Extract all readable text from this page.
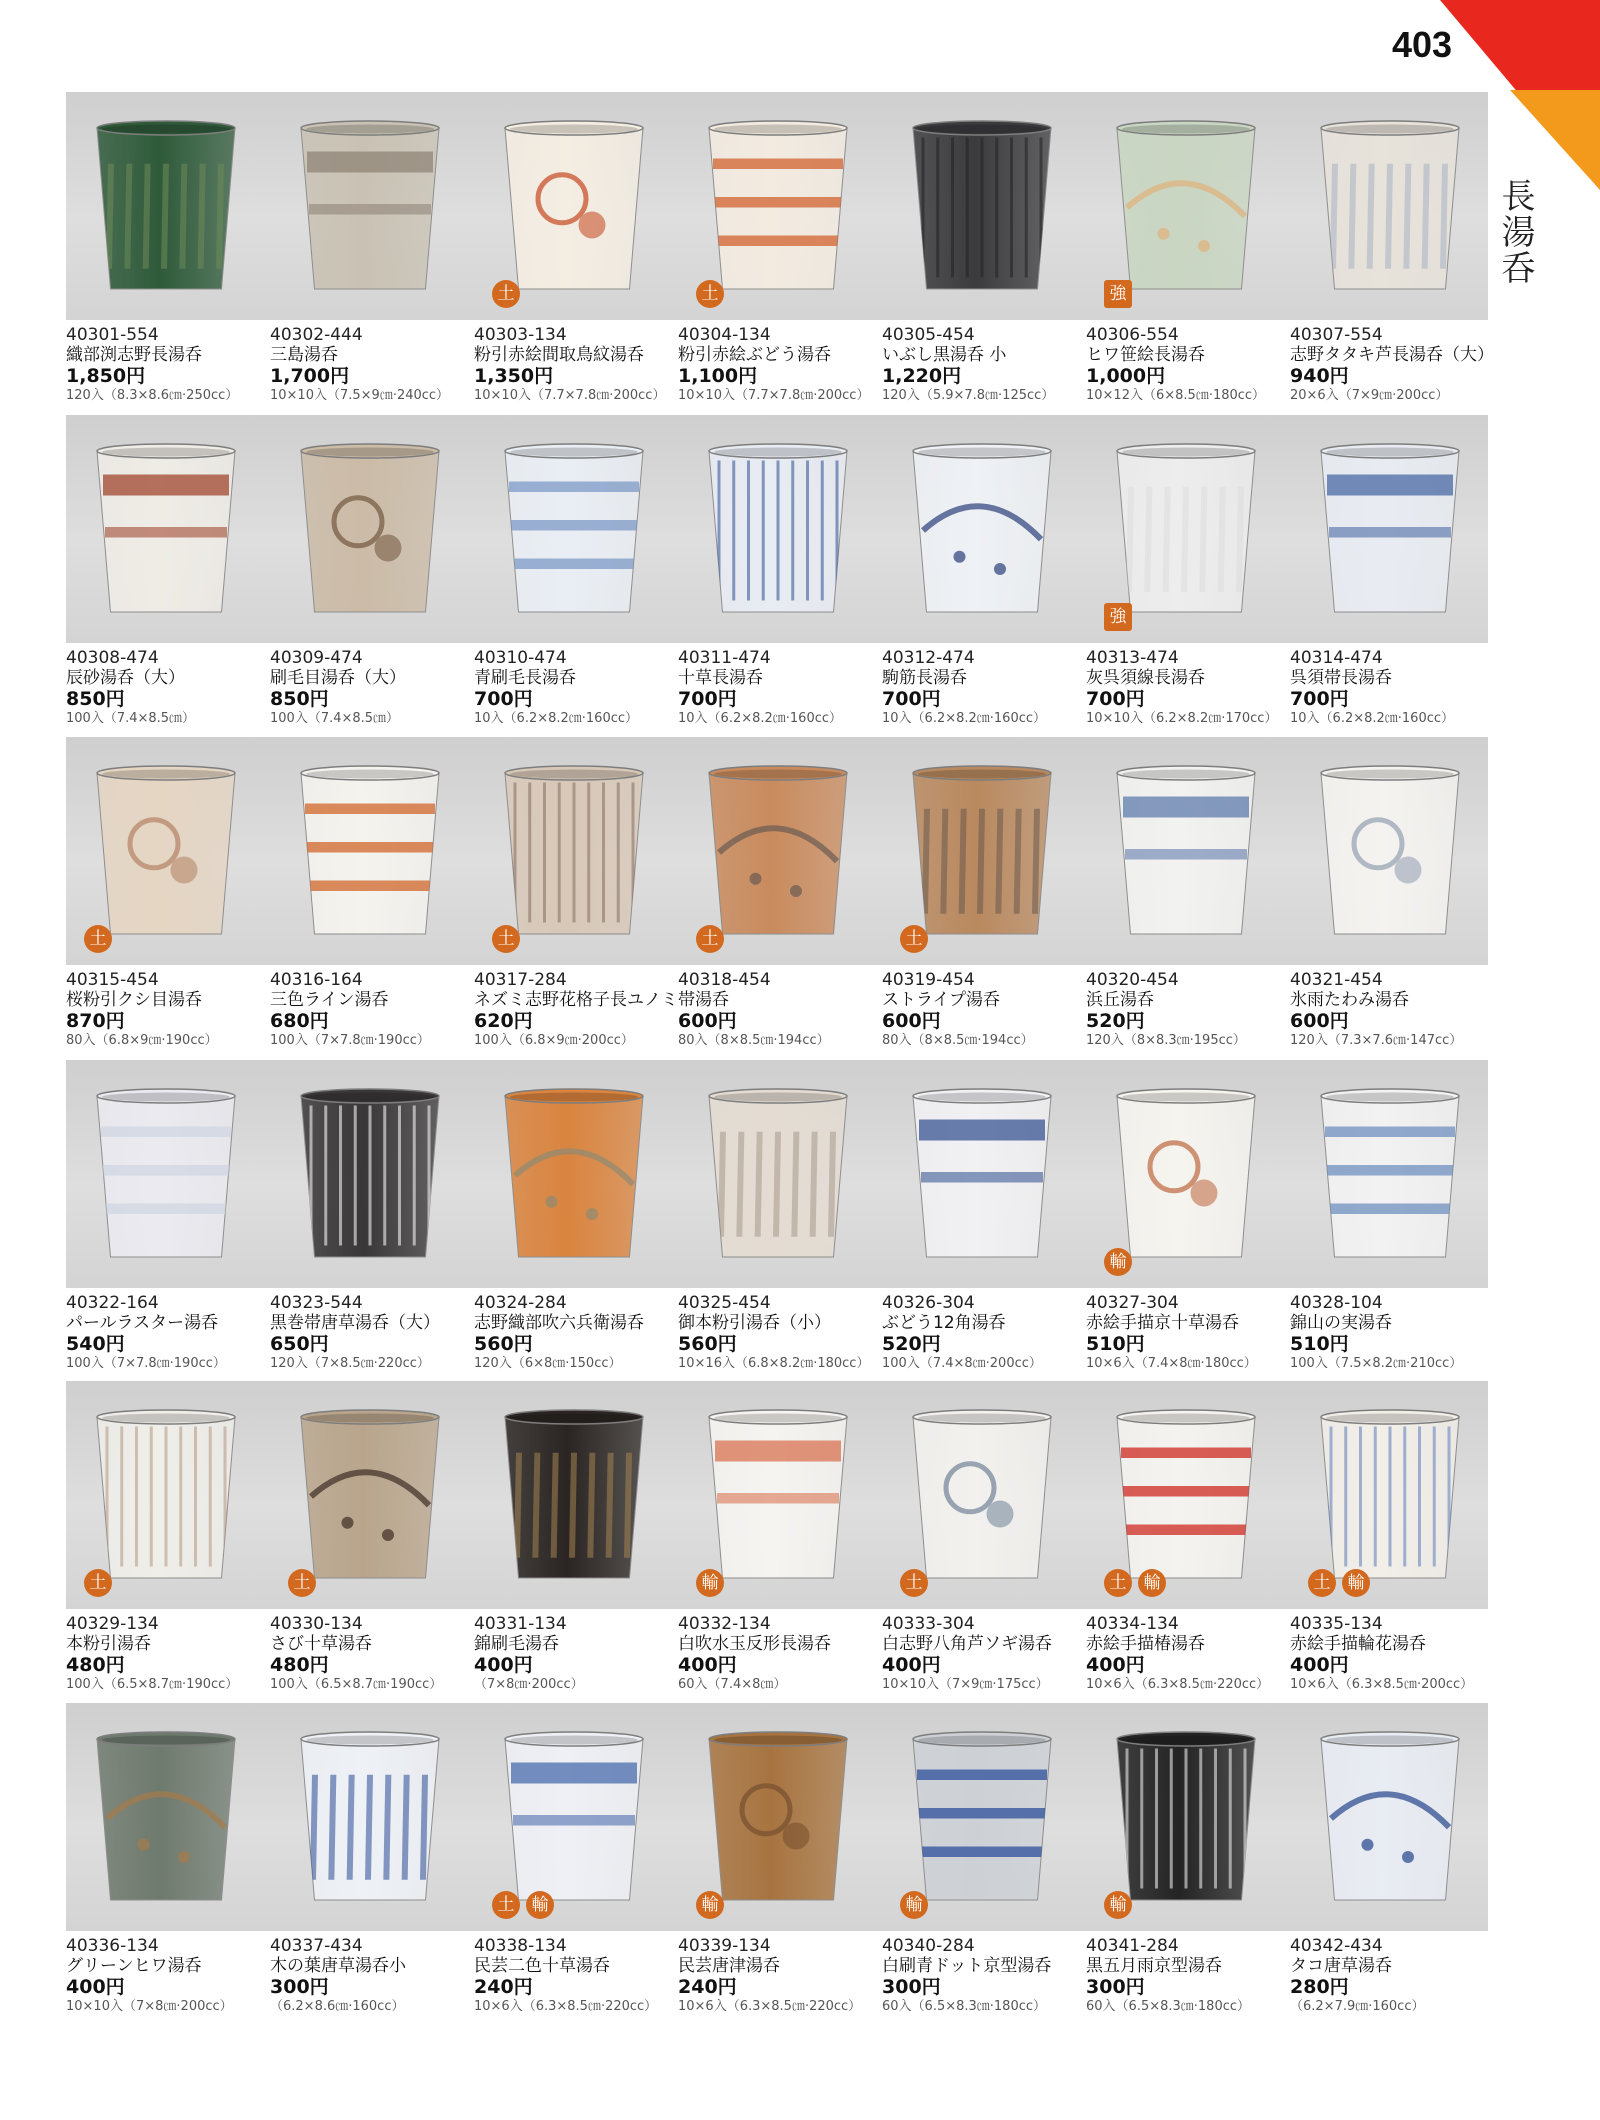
403
長湯呑
40301-554
織部渕志野長湯呑
1,850円
120入（8.3×8.6㎝·250cc）
40302-444
三島湯呑
1,700円
10×10入（7.5×9㎝·240cc）
土
40303-134
粉引赤絵間取鳥紋湯呑
1,350円
10×10入（7.7×7.8㎝·200cc）
土
40304-134
粉引赤絵ぶどう湯呑
1,100円
10×10入（7.7×7.8㎝·200cc）
40305-454
いぶし黒湯呑 小
1,220円
120入（5.9×7.8㎝·125cc）
強
40306-554
ヒワ笹絵長湯呑
1,000円
10×12入（6×8.5㎝·180cc）
40307-554
志野タタキ芦長湯呑（大）
940円
20×6入（7×9㎝·200cc）
40308-474
辰砂湯呑（大）
850円
100入（7.4×8.5㎝）
40309-474
刷毛目湯呑（大）
850円
100入（7.4×8.5㎝）
40310-474
青刷毛長湯呑
700円
10入（6.2×8.2㎝·160cc）
40311-474
十草長湯呑
700円
10入（6.2×8.2㎝·160cc）
40312-474
駒筋長湯呑
700円
10入（6.2×8.2㎝·160cc）
強
40313-474
灰呉須線長湯呑
700円
10×10入（6.2×8.2㎝·170cc）
40314-474
呉須帯長湯呑
700円
10入（6.2×8.2㎝·160cc）
土
40315-454
桜粉引クシ目湯呑
870円
80入（6.8×9㎝·190cc）
40316-164
三色ライン湯呑
680円
100入（7×7.8㎝·190cc）
土
40317-284
ネズミ志野花格子長ユノミ
620円
100入（6.8×9㎝·200cc）
土
40318-454
帯湯呑
600円
80入（8×8.5㎝·194cc）
土
40319-454
ストライプ湯呑
600円
80入（8×8.5㎝·194cc）
40320-454
浜丘湯呑
520円
120入（8×8.3㎝·195cc）
40321-454
氷雨たわみ湯呑
600円
120入（7.3×7.6㎝·147cc）
40322-164
パールラスター湯呑
540円
100入（7×7.8㎝·190cc）
40323-544
黒巻帯唐草湯呑（大）
650円
120入（7×8.5㎝·220cc）
40324-284
志野織部吹六兵衛湯呑
560円
120入（6×8㎝·150cc）
40325-454
御本粉引湯呑（小）
560円
10×16入（6.8×8.2㎝·180cc）
40326-304
ぶどう12角湯呑
520円
100入（7.4×8㎝·200cc）
輸
40327-304
赤絵手描京十草湯呑
510円
10×6入（7.4×8㎝·180cc）
40328-104
錦山の実湯呑
510円
100入（7.5×8.2㎝·210cc）
土
40329-134
本粉引湯呑
480円
100入（6.5×8.7㎝·190cc）
土
40330-134
さび十草湯呑
480円
100入（6.5×8.7㎝·190cc）
40331-134
錦刷毛湯呑
400円
（7×8㎝·200cc）
輸
40332-134
白吹水玉反形長湯呑
400円
60入（7.4×8㎝）
土
40333-304
白志野八角芦ソギ湯呑
400円
10×10入（7×9㎝·175cc）
土	輸
40334-134
赤絵手描椿湯呑
400円
10×6入（6.3×8.5㎝·220cc）
土	輸
40335-134
赤絵手描輪花湯呑
400円
10×6入（6.3×8.5㎝·200cc）
40336-134
グリーンヒワ湯呑
400円
10×10入（7×8㎝·200cc）
40337-434
木の葉唐草湯呑小
300円
（6.2×8.6㎝·160cc）
土	輸
40338-134
民芸二色十草湯呑
240円
10×6入（6.3×8.5㎝·220cc）
輸
40339-134
民芸唐津湯呑
240円
10×6入（6.3×8.5㎝·220cc）
輸
40340-284
白刷青ドット京型湯呑
300円
60入（6.5×8.3㎝·180cc）
輸
40341-284
黒五月雨京型湯呑
300円
60入（6.5×8.3㎝·180cc）
40342-434
タコ唐草湯呑
280円
（6.2×7.9㎝·160cc）
